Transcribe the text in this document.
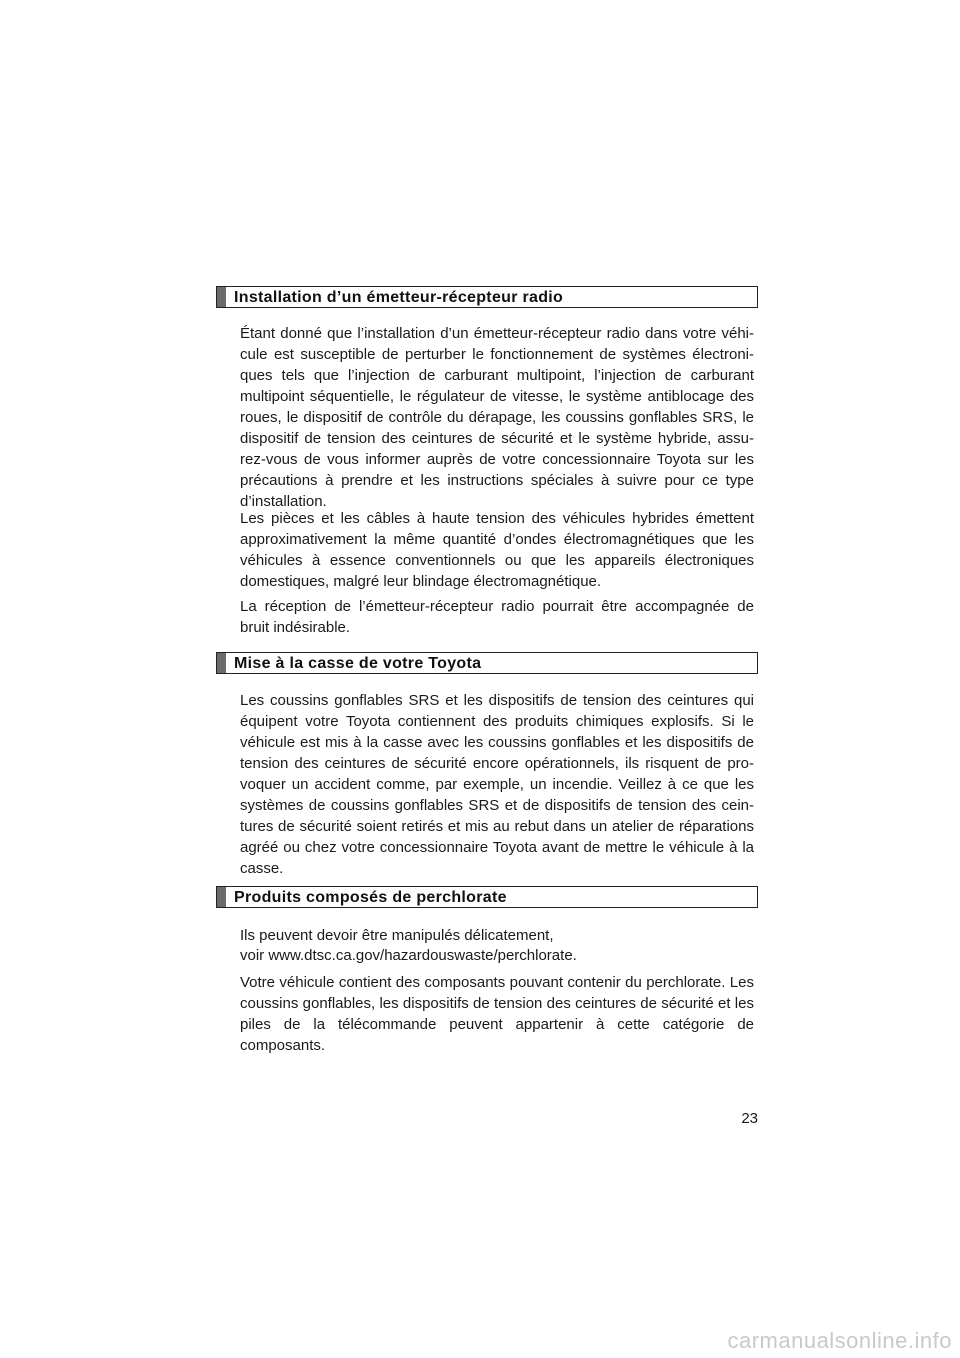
Installation d’un émetteur-récepteur radio

Étant donné que l’installation d’un émetteur-récepteur radio dans votre véhicule est susceptible de perturber le fonctionnement de systèmes électroniques tels que l’injection de carburant multipoint, l’injection de carburant multipoint séquentielle, le régulateur de vitesse, le système antiblocage des roues, le dispositif de contrôle du dérapage, les coussins gonflables SRS, le dispositif de tension des ceintures de sécurité et le système hybride, assurez-vous de vous informer auprès de votre concessionnaire Toyota sur les précautions à prendre et les instructions spéciales à suivre pour ce type d’installation.

Les pièces et les câbles à haute tension des véhicules hybrides émettent approximativement la même quantité d’ondes électromagnétiques que les véhicules à essence conventionnels ou que les appareils électroniques domestiques, malgré leur blindage électromagnétique.

La réception de l’émetteur-récepteur radio pourrait être accompagnée de bruit indésirable.

Mise à la casse de votre Toyota

Les coussins gonflables SRS et les dispositifs de tension des ceintures qui équipent votre Toyota contiennent des produits chimiques explosifs. Si le véhicule est mis à la casse avec les coussins gonflables et les dispositifs de tension des ceintures de sécurité encore opérationnels, ils risquent de provoquer un accident comme, par exemple, un incendie. Veillez à ce que les systèmes de coussins gonflables SRS et de dispositifs de tension des ceintures de sécurité soient retirés et mis au rebut dans un atelier de réparations agréé ou chez votre concessionnaire Toyota avant de mettre le véhicule à la casse.

Produits composés de perchlorate

Ils peuvent devoir être manipulés délicatement,

voir www.dtsc.ca.gov/hazardouswaste/perchlorate.

Votre véhicule contient des composants pouvant contenir du perchlorate. Les coussins gonflables, les dispositifs de tension des ceintures de sécurité et les piles de la télécommande peuvent appartenir à cette catégorie de composants.

23
carmanualsonline.info
